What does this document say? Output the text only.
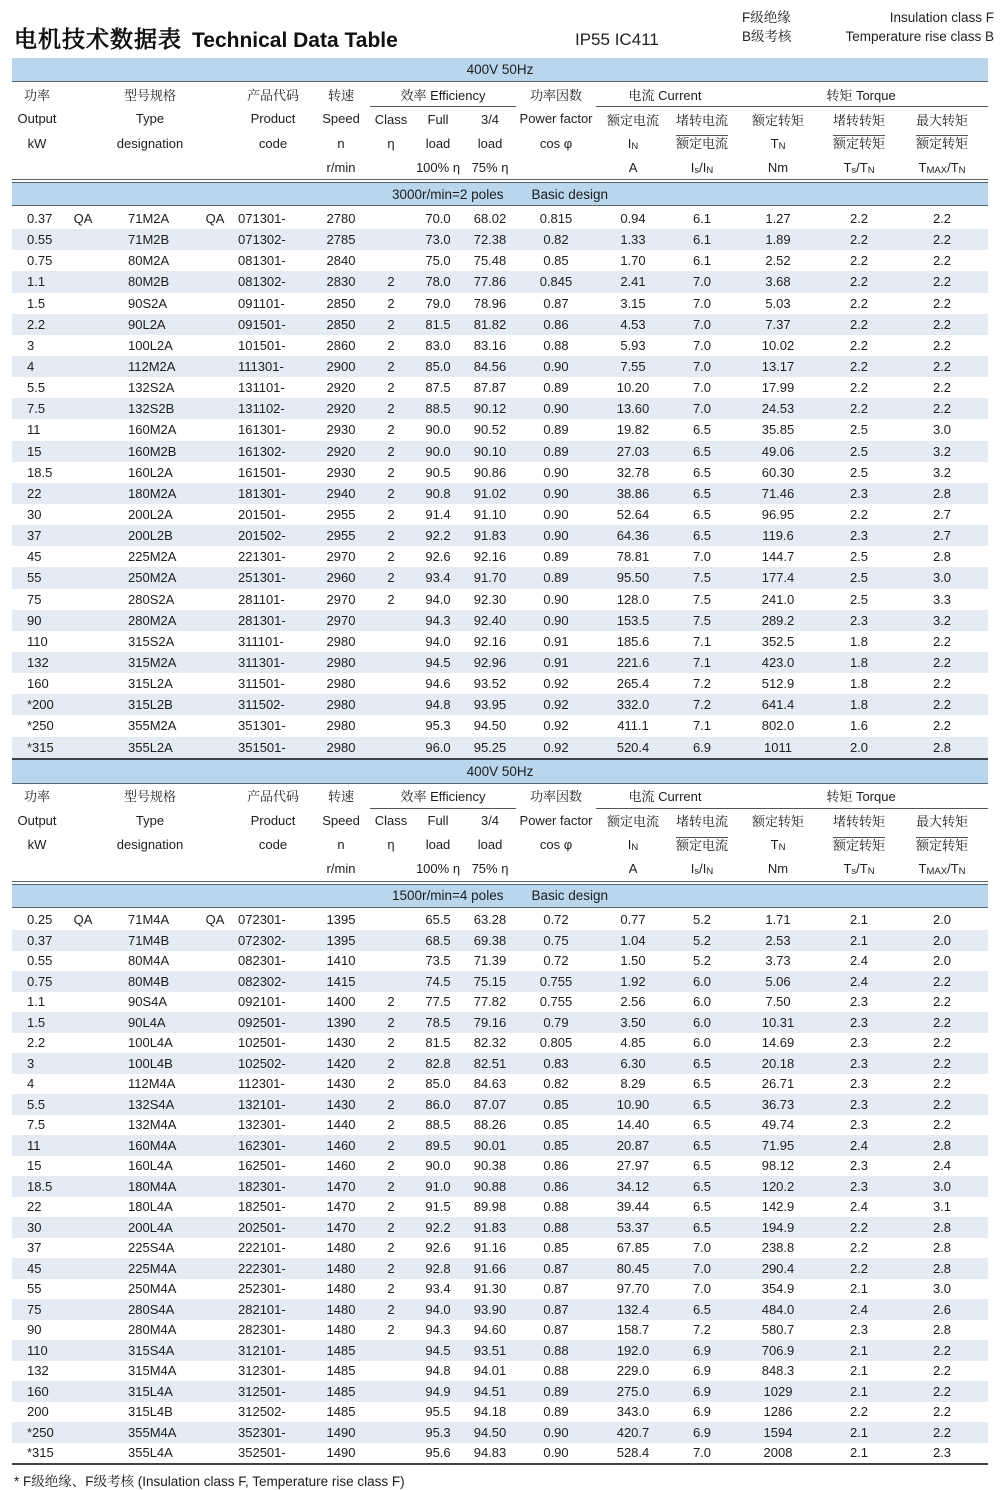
电机技术数据表 Technical Data Table	IP55 IC411
F级绝缘	Insulation class F
B级考核	Temperature rise class B
400V 50Hz
功率		型号规格		产品代码	转速	效率 Efficiency			功率因数	电流 Current		转矩 Torque		
Output		Type		Product	Speed	Class	Full	3/4	Power factor	额定电流	堵转电流	额定转矩	堵转转矩	最大转矩
kW		designation		code	n	η	load	load	cos φ	$I_N$	额定电流	$T_N$	额定转矩	额定转矩
					r/min		100% η	75% η		A	$I_s/I_N$	Nm	$T_s/T_N$	$T_{MAX}/T_N$
3000r/min=2 poles Basic design
0.37	QA	71M2A	QA	071301-	2780		70.0	68.02	0.815	0.94	6.1	1.27	2.2	2.2
0.55		71M2B		071302-	2785		73.0	72.38	0.82	1.33	6.1	1.89	2.2	2.2
0.75		80M2A		081301-	2840		75.0	75.48	0.85	1.70	6.1	2.52	2.2	2.2
1.1		80M2B		081302-	2830	2	78.0	77.86	0.845	2.41	7.0	3.68	2.2	2.2
1.5		90S2A		091101-	2850	2	79.0	78.96	0.87	3.15	7.0	5.03	2.2	2.2
2.2		90L2A		091501-	2850	2	81.5	81.82	0.86	4.53	7.0	7.37	2.2	2.2
3		100L2A		101501-	2860	2	83.0	83.16	0.88	5.93	7.0	10.02	2.2	2.2
4		112M2A		111301-	2900	2	85.0	84.56	0.90	7.55	7.0	13.17	2.2	2.2
5.5		132S2A		131101-	2920	2	87.5	87.87	0.89	10.20	7.0	17.99	2.2	2.2
7.5		132S2B		131102-	2920	2	88.5	90.12	0.90	13.60	7.0	24.53	2.2	2.2
11		160M2A		161301-	2930	2	90.0	90.52	0.89	19.82	6.5	35.85	2.5	3.0
15		160M2B		161302-	2920	2	90.0	90.10	0.89	27.03	6.5	49.06	2.5	3.2
18.5		160L2A		161501-	2930	2	90.5	90.86	0.90	32.78	6.5	60.30	2.5	3.2
22		180M2A		181301-	2940	2	90.8	91.02	0.90	38.86	6.5	71.46	2.3	2.8
30		200L2A		201501-	2955	2	91.4	91.10	0.90	52.64	6.5	96.95	2.2	2.7
37		200L2B		201502-	2955	2	92.2	91.83	0.90	64.36	6.5	119.6	2.3	2.7
45		225M2A		221301-	2970	2	92.6	92.16	0.89	78.81	7.0	144.7	2.5	2.8
55		250M2A		251301-	2960	2	93.4	91.70	0.89	95.50	7.5	177.4	2.5	3.0
75		280S2A		281101-	2970	2	94.0	92.30	0.90	128.0	7.5	241.0	2.5	3.3
90		280M2A		281301-	2970		94.3	92.40	0.90	153.5	7.5	289.2	2.3	3.2
110		315S2A		311101-	2980		94.0	92.16	0.91	185.6	7.1	352.5	1.8	2.2
132		315M2A		311301-	2980		94.5	92.96	0.91	221.6	7.1	423.0	1.8	2.2
160		315L2A		311501-	2980		94.6	93.52	0.92	265.4	7.2	512.9	1.8	2.2
*200		315L2B		311502-	2980		94.8	93.95	0.92	332.0	7.2	641.4	1.8	2.2
*250		355M2A		351301-	2980		95.3	94.50	0.92	411.1	7.1	802.0	1.6	2.2
*315		355L2A		351501-	2980		96.0	95.25	0.92	520.4	6.9	1011	2.0	2.8
400V 50Hz
功率		型号规格		产品代码	转速	效率 Efficiency			功率因数	电流 Current		转矩 Torque		
Output		Type		Product	Speed	Class	Full	3/4	Power factor	额定电流	堵转电流	额定转矩	堵转转矩	最大转矩
kW		designation		code	n	η	load	load	cos φ	$I_N$	额定电流	$T_N$	额定转矩	额定转矩
					r/min		100% η	75% η		A	$I_s/I_N$	Nm	$T_s/T_N$	$T_{MAX}/T_N$
1500r/min=4 poles Basic design
0.25	QA	71M4A	QA	072301-	1395		65.5	63.28	0.72	0.77	5.2	1.71	2.1	2.0
0.37		71M4B		072302-	1395		68.5	69.38	0.75	1.04	5.2	2.53	2.1	2.0
0.55		80M4A		082301-	1410		73.5	71.39	0.72	1.50	5.2	3.73	2.4	2.0
0.75		80M4B		082302-	1415		74.5	75.15	0.755	1.92	6.0	5.06	2.4	2.2
1.1		90S4A		092101-	1400	2	77.5	77.82	0.755	2.56	6.0	7.50	2.3	2.2
1.5		90L4A		092501-	1390	2	78.5	79.16	0.79	3.50	6.0	10.31	2.3	2.2
2.2		100L4A		102501-	1430	2	81.5	82.32	0.805	4.85	6.0	14.69	2.3	2.2
3		100L4B		102502-	1420	2	82.8	82.51	0.83	6.30	6.5	20.18	2.3	2.2
4		112M4A		112301-	1430	2	85.0	84.63	0.82	8.29	6.5	26.71	2.3	2.2
5.5		132S4A		132101-	1430	2	86.0	87.07	0.85	10.90	6.5	36.73	2.3	2.2
7.5		132M4A		132301-	1440	2	88.5	88.26	0.85	14.40	6.5	49.74	2.3	2.2
11		160M4A		162301-	1460	2	89.5	90.01	0.85	20.87	6.5	71.95	2.4	2.8
15		160L4A		162501-	1460	2	90.0	90.38	0.86	27.97	6.5	98.12	2.3	2.4
18.5		180M4A		182301-	1470	2	91.0	90.88	0.86	34.12	6.5	120.2	2.3	3.0
22		180L4A		182501-	1470	2	91.5	89.98	0.88	39.44	6.5	142.9	2.4	3.1
30		200L4A		202501-	1470	2	92.2	91.83	0.88	53.37	6.5	194.9	2.2	2.8
37		225S4A		222101-	1480	2	92.6	91.16	0.85	67.85	7.0	238.8	2.2	2.8
45		225M4A		222301-	1480	2	92.8	91.66	0.87	80.45	7.0	290.4	2.2	2.8
55		250M4A		252301-	1480	2	93.4	91.30	0.87	97.70	7.0	354.9	2.1	3.0
75		280S4A		282101-	1480	2	94.0	93.90	0.87	132.4	6.5	484.0	2.4	2.6
90		280M4A		282301-	1480	2	94.3	94.60	0.87	158.7	7.2	580.7	2.3	2.8
110		315S4A		312101-	1485		94.5	93.51	0.88	192.0	6.9	706.9	2.1	2.2
132		315M4A		312301-	1485		94.8	94.01	0.88	229.0	6.9	848.3	2.1	2.2
160		315L4A		312501-	1485		94.9	94.51	0.89	275.0	6.9	1029	2.1	2.2
200		315L4B		312502-	1485		95.5	94.18	0.89	343.0	6.9	1286	2.2	2.2
*250		355M4A		352301-	1490		95.3	94.50	0.90	420.7	6.9	1594	2.1	2.2
*315		355L4A		352501-	1490		95.6	94.83	0.90	528.4	7.0	2008	2.1	2.3
* F级绝缘、F级考核 (Insulation class F, Temperature rise class F)
